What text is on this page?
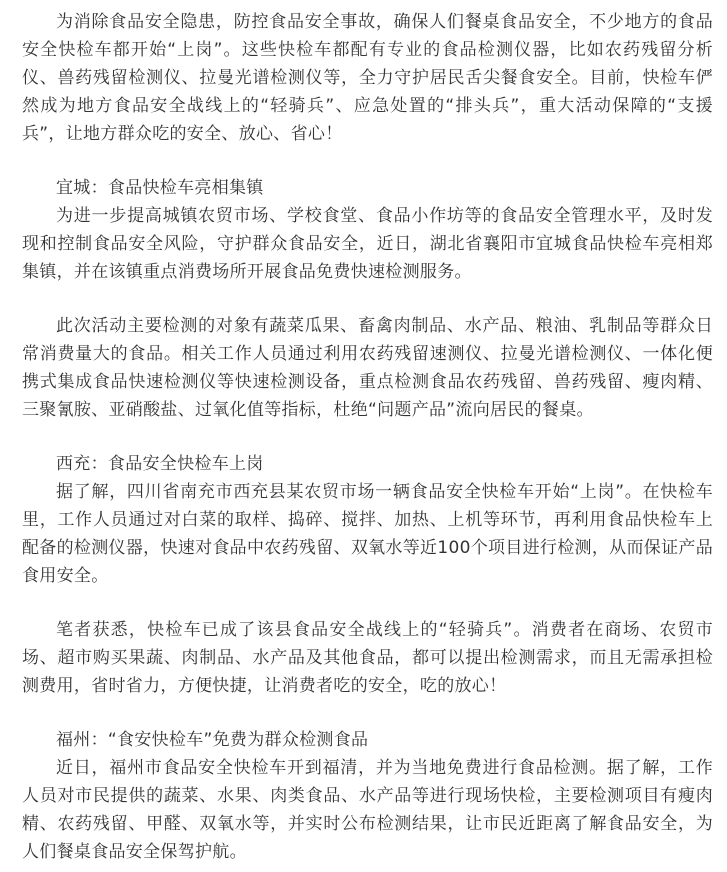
为消除食品安全隐患，防控食品安全事故，确保人们餐桌食品安全，不少地方的食品安全快检车都开始“上岗”。这些快检车都配有专业的食品检测仪器，比如农药残留分析仪、兽药残留检测仪、拉曼光谱检测仪等，全力守护居民舌尖餐食安全。目前，快检车俨然成为地方食品安全战线上的“轻骑兵”、应急处置的“排头兵”，重大活动保障的“支援兵”，让地方群众吃的安全、放心、省心！

宜城：食品快检车亮相集镇

为进一步提高城镇农贸市场、学校食堂、食品小作坊等的食品安全管理水平，及时发现和控制食品安全风险，守护群众食品安全，近日，湖北省襄阳市宜城食品快检车亮相郑集镇，并在该镇重点消费场所开展食品免费快速检测服务。

此次活动主要检测的对象有蔬菜瓜果、畜禽肉制品、水产品、粮油、乳制品等群众日常消费量大的食品。相关工作人员通过利用农药残留速测仪、拉曼光谱检测仪、一体化便携式集成食品快速检测仪等快速检测设备，重点检测食品农药残留、兽药残留、瘦肉精、三聚氰胺、亚硝酸盐、过氧化值等指标，杜绝“问题产品”流向居民的餐桌。

西充：食品安全快检车上岗

据了解，四川省南充市西充县某农贸市场一辆食品安全快检车开始“上岗”。在快检车里，工作人员通过对白菜的取样、捣碎、搅拌、加热、上机等环节，再利用食品快检车上配备的检测仪器，快速对食品中农药残留、双氧水等近100个项目进行检测，从而保证产品食用安全。

笔者获悉，快检车已成了该县食品安全战线上的“轻骑兵”。消费者在商场、农贸市场、超市购买果蔬、肉制品、水产品及其他食品，都可以提出检测需求，而且无需承担检测费用，省时省力，方便快捷，让消费者吃的安全，吃的放心！

福州：“食安快检车”免费为群众检测食品

近日，福州市食品安全快检车开到福清，并为当地免费进行食品检测。据了解，工作人员对市民提供的蔬菜、水果、肉类食品、水产品等进行现场快检，主要检测项目有瘦肉精、农药残留、甲醛、双氧水等，并实时公布检测结果，让市民近距离了解食品安全，为人们餐桌食品安全保驾护航。
